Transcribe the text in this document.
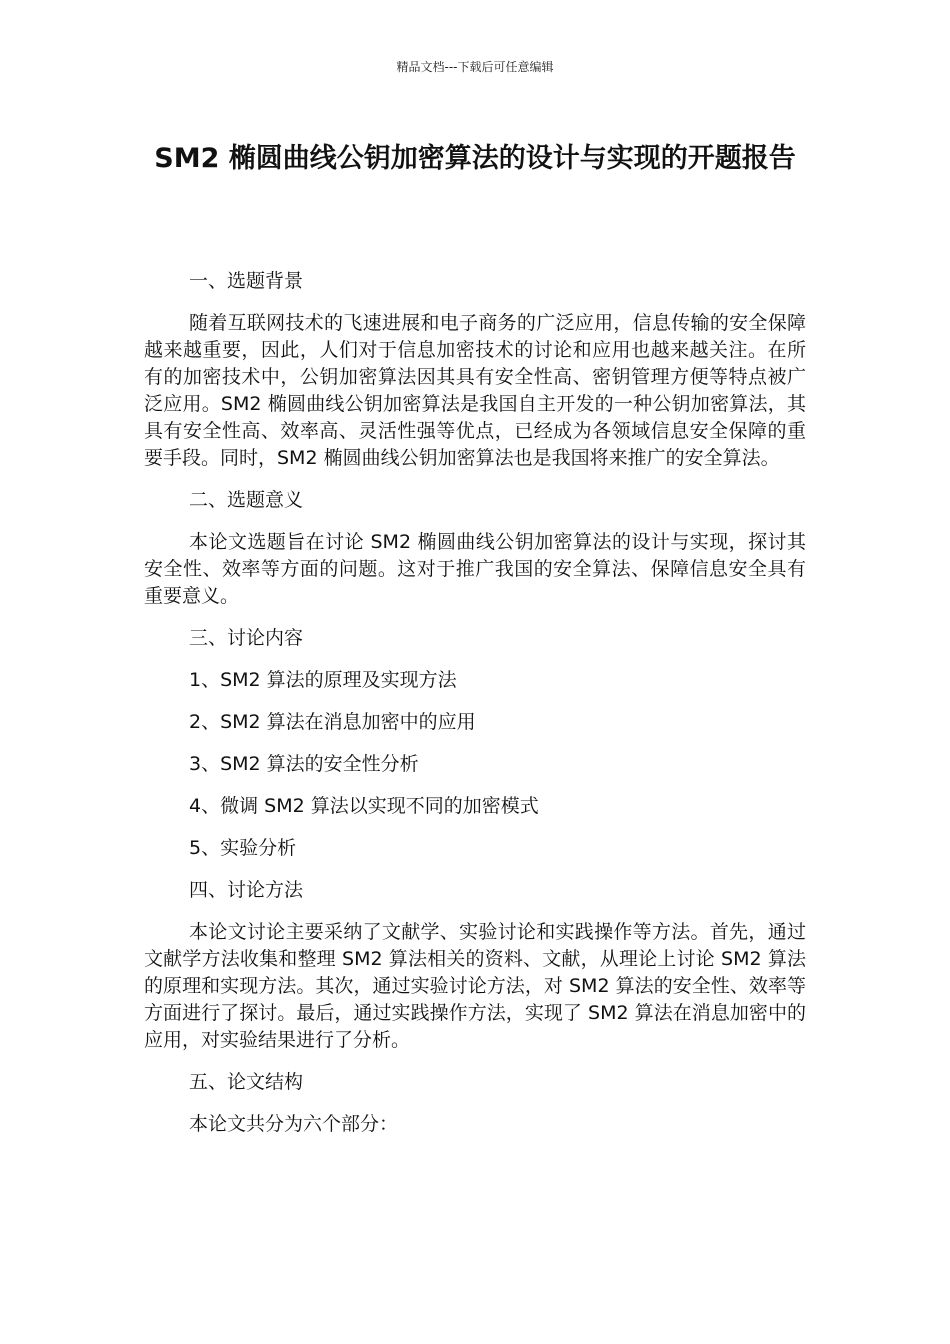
精品文档---下载后可任意编辑
SM2 椭圆曲线公钥加密算法的设计与实现的开题报告

一、选题背景

随着互联网技术的飞速进展和电子商务的广泛应用，信息传输的安全保障越来越重要，因此，人们对于信息加密技术的讨论和应用也越来越关注。在所有的加密技术中，公钥加密算法因其具有安全性高、密钥管理方便等特点被广泛应用。SM2 椭圆曲线公钥加密算法是我国自主开发的一种公钥加密算法，其具有安全性高、效率高、灵活性强等优点，已经成为各领域信息安全保障的重要手段。同时，SM2 椭圆曲线公钥加密算法也是我国将来推广的安全算法。

二、选题意义

本论文选题旨在讨论 SM2 椭圆曲线公钥加密算法的设计与实现，探讨其安全性、效率等方面的问题。这对于推广我国的安全算法、保障信息安全具有重要意义。

三、讨论内容

1、SM2 算法的原理及实现方法

2、SM2 算法在消息加密中的应用

3、SM2 算法的安全性分析

4、微调 SM2 算法以实现不同的加密模式

5、实验分析

四、讨论方法

本论文讨论主要采纳了文献学、实验讨论和实践操作等方法。首先，通过文献学方法收集和整理 SM2 算法相关的资料、文献，从理论上讨论 SM2 算法的原理和实现方法。其次，通过实验讨论方法，对 SM2 算法的安全性、效率等方面进行了探讨。最后，通过实践操作方法，实现了 SM2 算法在消息加密中的应用，对实验结果进行了分析。

五、论文结构

本论文共分为六个部分：
